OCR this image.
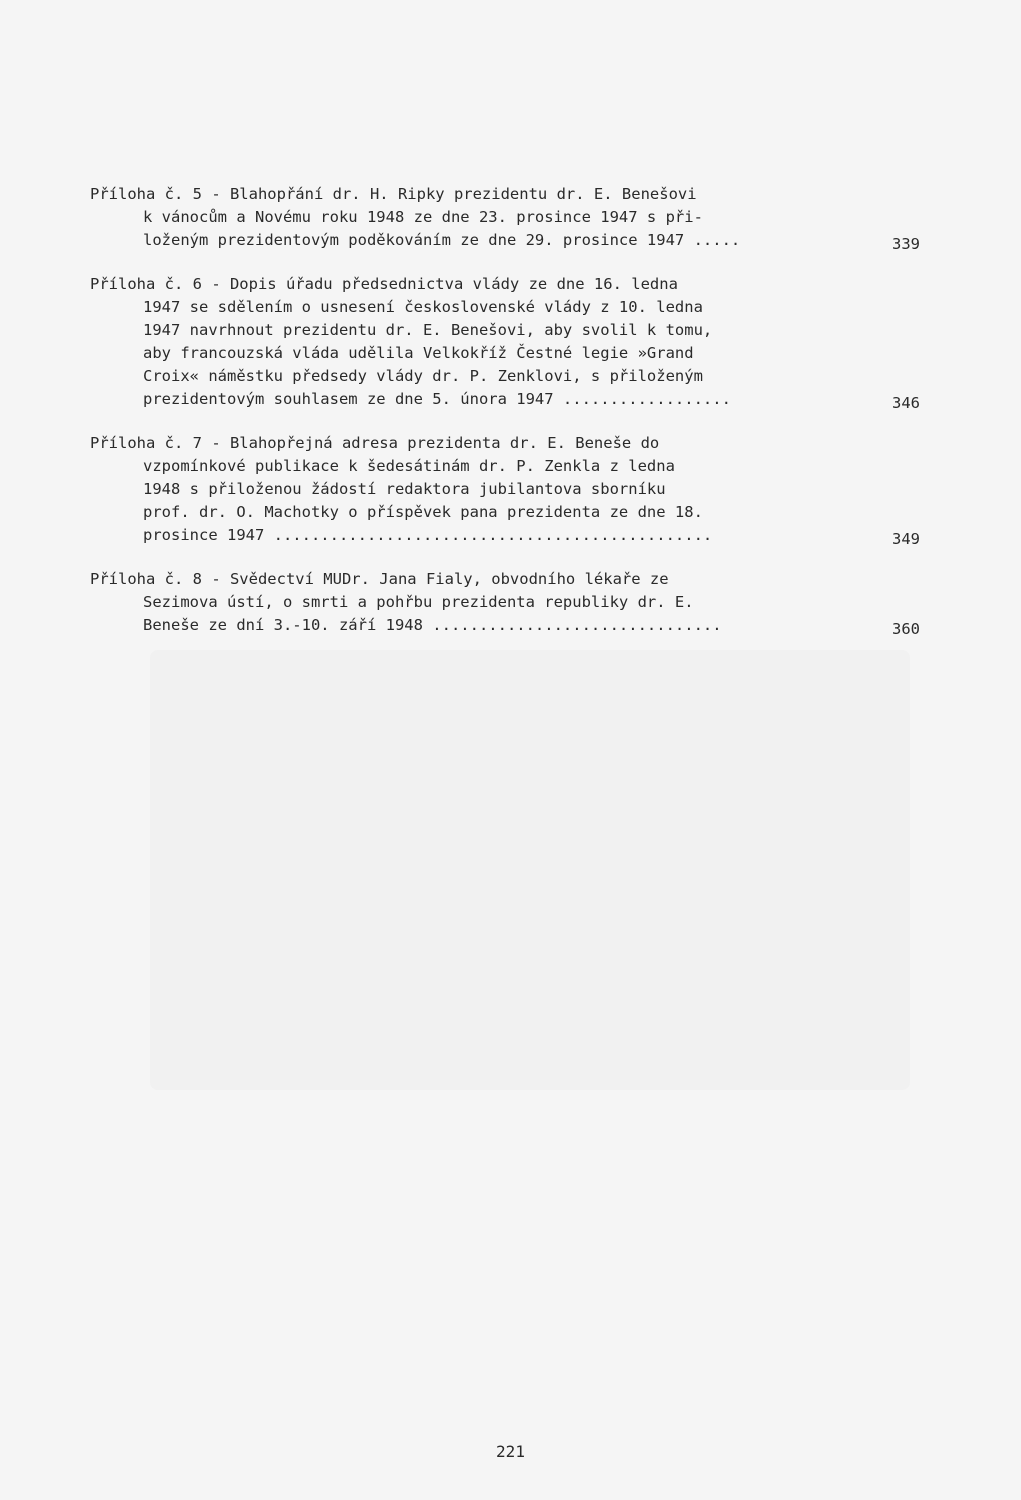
Příloha č. 5 - Blahopřání dr. H. Ripky prezidentu dr. E. Benešovi
k vánocům a Novému roku 1948 ze dne 23. prosince 1947 s při-
loženým prezidentovým poděkováním ze dne 29. prosince 1947 .....	339
Příloha č. 6 - Dopis úřadu předsednictva vlády ze dne 16. ledna
1947 se sdělením o usnesení československé vlády z 10. ledna
1947 navrhnout prezidentu dr. E. Benešovi, aby svolil k tomu,
aby francouzská vláda udělila Velkokříž Čestné legie »Grand
Croix« náměstku předsedy vlády dr. P. Zenklovi, s přiloženým
prezidentovým souhlasem ze dne 5. února 1947 ..................	346
Příloha č. 7 - Blahopřejná adresa prezidenta dr. E. Beneše do
vzpomínkové publikace k šedesátinám dr. P. Zenkla z ledna
1948 s přiloženou žádostí redaktora jubilantova sborníku
prof. dr. O. Machotky o příspěvek pana prezidenta ze dne 18.
prosince 1947 ...............................................	349
Příloha č. 8 - Svědectví MUDr. Jana Fialy, obvodního lékaře ze
Sezimova ústí, o smrti a pohřbu prezidenta republiky dr. E.
Beneše ze dní 3.-10. září 1948 ...............................	360
221
